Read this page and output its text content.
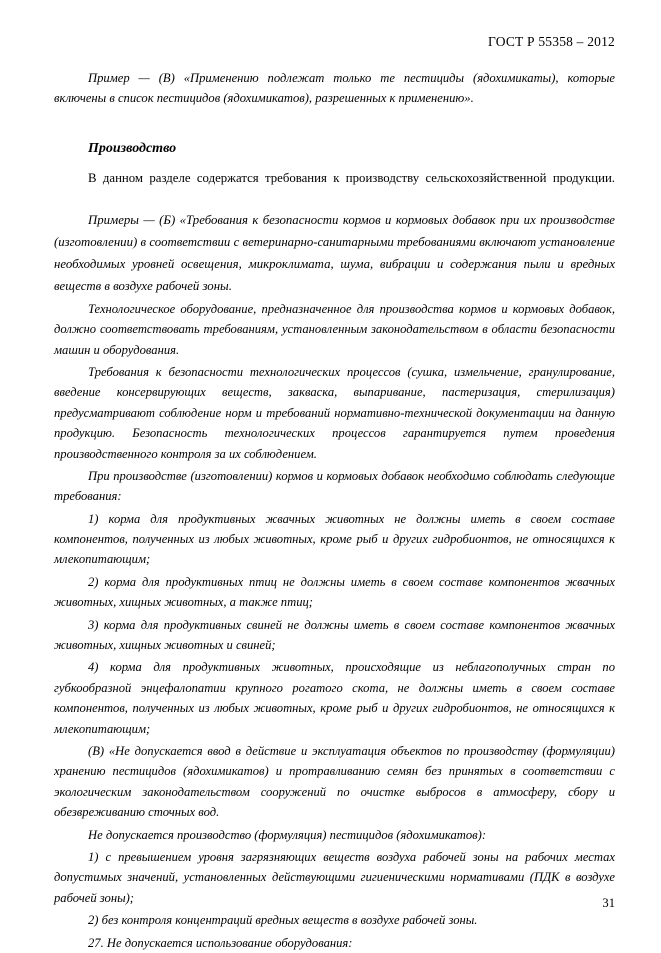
ГОСТ Р 55358 – 2012

Пример — (В) «Применению подлежат только те пестициды (ядохимикаты), которые включены в список пестицидов (ядохимикатов), разрешенных к применению».

Производство

В данном разделе содержатся требования к производству сельскохозяйственной продукции.

Примеры — (Б) «Требования к безопасности кормов и кормовых добавок при их производстве (изготовлении) в соответствии с ветеринарно-санитарными требованиями включают установление необходимых уровней освещения, микроклимата, шума, вибрации и содержания пыли и вредных веществ в воздухе рабочей зоны.

Технологическое оборудование, предназначенное для производства кормов и кормовых добавок, должно соответствовать требованиям, установленным законодательством в области безопасности машин и оборудования.

Требования к безопасности технологических процессов (сушка, измельчение, гранулирование, введение консервирующих веществ, закваска, выпаривание, пастеризация, стерилизация) предусматривают соблюдение норм и требований нормативно-технической документации на данную продукцию. Безопасность технологических процессов гарантируется путем проведения производственного контроля за их соблюдением.

При производстве (изготовлении) кормов и кормовых добавок необходимо соблюдать следующие требования:

1) корма для продуктивных жвачных животных не должны иметь в своем составе компонентов, полученных из любых животных, кроме рыб и других гидробионтов, не относящихся к млекопитающим;

2) корма для продуктивных птиц не должны иметь в своем составе компонентов жвачных животных, хищных животных, а также птиц;

3) корма для продуктивных свиней не должны иметь в своем составе компонентов жвачных животных, хищных животных и свиней;

4) корма для продуктивных животных, происходящие из неблагополучных стран по губкообразной энцефалопатии крупного рогатого скота, не должны иметь в своем составе компонентов, полученных из любых животных, кроме рыб и других гидробионтов, не относящихся к млекопитающим;

(В) «Не допускается ввод в действие и эксплуатация объектов по производству (формуляции) хранению пестицидов (ядохимикатов) и протравливанию семян без принятых в соответствии с экологическим законодательством сооружений по очистке выбросов в атмосферу, сбору и обезвреживанию сточных вод.

Не допускается производство (формуляция) пестицидов (ядохимикатов):

1) с превышением уровня загрязняющих веществ воздуха рабочей зоны на рабочих местах допустимых значений, установленных действующими гигиеническими нормативами (ПДК в воздухе рабочей зоны);

2) без контроля концентраций вредных веществ в воздухе рабочей зоны.

27. Не допускается использование оборудования:

31
